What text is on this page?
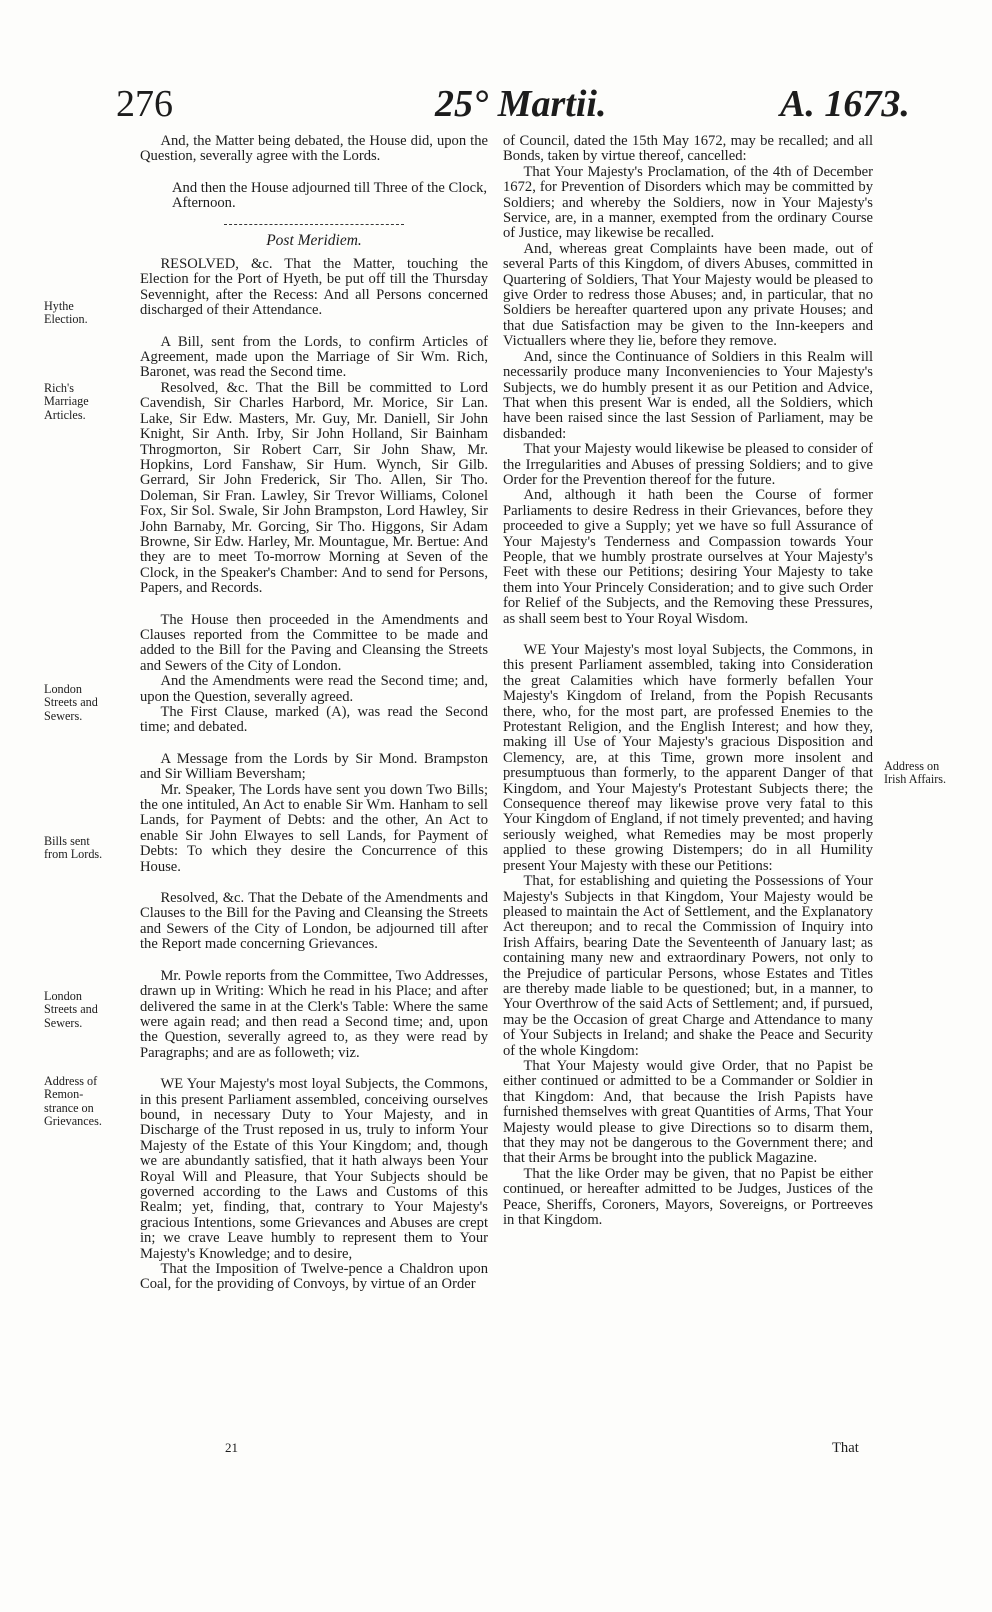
276	25° Martii.	A. 1673.

And, the Matter being debated, the House did, upon the Question, severally agree with the Lords.

And then the House adjourned till Three of the Clock, Afternoon.

Post Meridiem.

RESOLVED, &c. That the Matter, touching the Election for the Port of Hyeth, be put off till the Thursday Sevennight, after the Recess: And all Persons concerned discharged of their Attendance.

A Bill, sent from the Lords, to confirm Articles of Agreement, made upon the Marriage of Sir Wm. Rich, Baronet, was read the Second time.

Resolved, &c. That the Bill be committed to Lord Cavendish, Sir Charles Harbord, Mr. Morice, Sir Lan. Lake, Sir Edw. Masters, Mr. Guy, Mr. Daniell, Sir John Knight, Sir Anth. Irby, Sir John Holland, Sir Bainham Throgmorton, Sir Robert Carr, Sir John Shaw, Mr. Hopkins, Lord Fanshaw, Sir Hum. Wynch, Sir Gilb. Gerrard, Sir John Frederick, Sir Tho. Allen, Sir Tho. Doleman, Sir Fran. Lawley, Sir Trevor Williams, Colonel Fox, Sir Sol. Swale, Sir John Brampston, Lord Hawley, Sir John Barnaby, Mr. Gorcing, Sir Tho. Higgons, Sir Adam Browne, Sir Edw. Harley, Mr. Mountague, Mr. Bertue: And they are to meet To-morrow Morning at Seven of the Clock, in the Speaker's Chamber: And to send for Persons, Papers, and Records.

The House then proceeded in the Amendments and Clauses reported from the Committee to be made and added to the Bill for the Paving and Cleansing the Streets and Sewers of the City of London.

And the Amendments were read the Second time; and, upon the Question, severally agreed.

The First Clause, marked (A), was read the Second time; and debated.

A Message from the Lords by Sir Mond. Brampston and Sir William Beversham;

Mr. Speaker, The Lords have sent you down Two Bills; the one intituled, An Act to enable Sir Wm. Hanham to sell Lands, for Payment of Debts: and the other, An Act to enable Sir John Elwayes to sell Lands, for Payment of Debts: To which they desire the Concurrence of this House.

Resolved, &c. That the Debate of the Amendments and Clauses to the Bill for the Paving and Cleansing the Streets and Sewers of the City of London, be adjourned till after the Report made concerning Grievances.

Mr. Powle reports from the Committee, Two Addresses, drawn up in Writing: Which he read in his Place; and after delivered the same in at the Clerk's Table: Where the same were again read; and then read a Second time; and, upon the Question, severally agreed to, as they were read by Paragraphs; and are as followeth; viz.

WE Your Majesty's most loyal Subjects, the Commons, in this present Parliament assembled, conceiving ourselves bound, in necessary Duty to Your Majesty, and in Discharge of the Trust reposed in us, truly to inform Your Majesty of the Estate of this Your Kingdom; and, though we are abundantly satisfied, that it hath always been Your Royal Will and Pleasure, that Your Subjects should be governed according to the Laws and Customs of this Realm; yet, finding, that, contrary to Your Majesty's gracious Intentions, some Grievances and Abuses are crept in; we crave Leave humbly to represent them to Your Majesty's Knowledge; and to desire,

That the Imposition of Twelve-pence a Chaldron upon Coal, for the providing of Convoys, by virtue of an Order

of Council, dated the 15th May 1672, may be recalled; and all Bonds, taken by virtue thereof, cancelled:

That Your Majesty's Proclamation, of the 4th of December 1672, for Prevention of Disorders which may be committed by Soldiers; and whereby the Soldiers, now in Your Majesty's Service, are, in a manner, exempted from the ordinary Course of Justice, may likewise be recalled.

And, whereas great Complaints have been made, out of several Parts of this Kingdom, of divers Abuses, committed in Quartering of Soldiers, That Your Majesty would be pleased to give Order to redress those Abuses; and, in particular, that no Soldiers be hereafter quartered upon any private Houses; and that due Satisfaction may be given to the Inn-keepers and Victuallers where they lie, before they remove.

And, since the Continuance of Soldiers in this Realm will necessarily produce many Inconveniencies to Your Majesty's Subjects, we do humbly present it as our Petition and Advice, That when this present War is ended, all the Soldiers, which have been raised since the last Session of Parliament, may be disbanded:

That your Majesty would likewise be pleased to consider of the Irregularities and Abuses of pressing Soldiers; and to give Order for the Prevention thereof for the future.

And, although it hath been the Course of former Parliaments to desire Redress in their Grievances, before they proceeded to give a Supply; yet we have so full Assurance of Your Majesty's Tenderness and Compassion towards Your People, that we humbly prostrate ourselves at Your Majesty's Feet with these our Petitions; desiring Your Majesty to take them into Your Princely Consideration; and to give such Order for Relief of the Subjects, and the Removing these Pressures, as shall seem best to Your Royal Wisdom.

WE Your Majesty's most loyal Subjects, the Commons, in this present Parliament assembled, taking into Consideration the great Calamities which have formerly befallen Your Majesty's Kingdom of Ireland, from the Popish Recusants there, who, for the most part, are professed Enemies to the Protestant Religion, and the English Interest; and how they, making ill Use of Your Majesty's gracious Disposition and Clemency, are, at this Time, grown more insolent and presumptuous than formerly, to the apparent Danger of that Kingdom, and Your Majesty's Protestant Subjects there; the Consequence thereof may likewise prove very fatal to this Your Kingdom of England, if not timely prevented; and having seriously weighed, what Remedies may be most properly applied to these growing Distempers; do in all Humility present Your Majesty with these our Petitions:

That, for establishing and quieting the Possessions of Your Majesty's Subjects in that Kingdom, Your Majesty would be pleased to maintain the Act of Settlement, and the Explanatory Act thereupon; and to recal the Commission of Inquiry into Irish Affairs, bearing Date the Seventeenth of January last; as containing many new and extraordinary Powers, not only to the Prejudice of particular Persons, whose Estates and Titles are thereby made liable to be questioned; but, in a manner, to Your Overthrow of the said Acts of Settlement; and, if pursued, may be the Occasion of great Charge and Attendance to many of Your Subjects in Ireland; and shake the Peace and Security of the whole Kingdom:

That Your Majesty would give Order, that no Papist be either continued or admitted to be a Commander or Soldier in that Kingdom: And, that because the Irish Papists have furnished themselves with great Quantities of Arms, That Your Majesty would please to give Directions so to disarm them, that they may not be dangerous to the Government there; and that their Arms be brought into the publick Magazine.

That the like Order may be given, that no Papist be either continued, or hereafter admitted to be Judges, Justices of the Peace, Sheriffs, Coroners, Mayors, Sovereigns, or Portreeves in that Kingdom.

Hythe
Election.
Rich's
Marriage
Articles.
London
Streets and
Sewers.
Bills sent
from Lords.
London
Streets and
Sewers.
Address of
Remon-
strance on
Grievances.
Address on
Irish Affairs.
21	That
